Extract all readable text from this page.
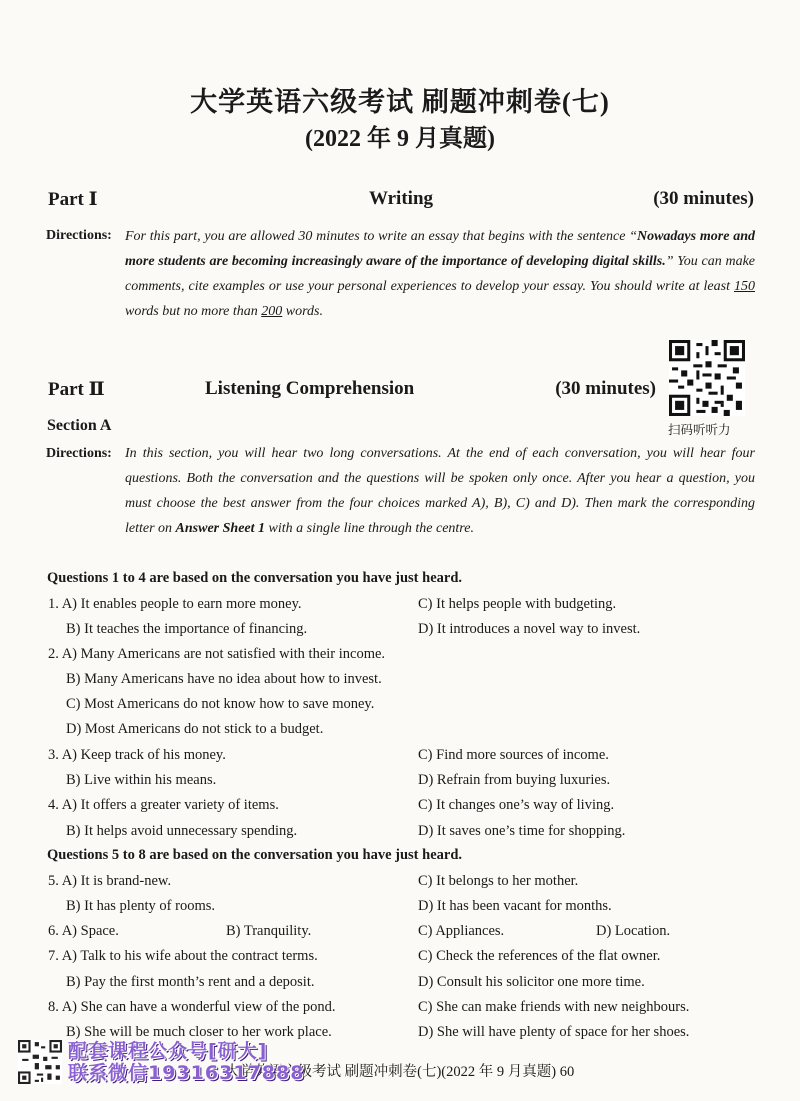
大学英语六级考试 刷题冲刺卷(七)
(2022 年 9 月真题)
Part Ⅰ	Writing	(30 minutes)
Directions: For this part, you are allowed 30 minutes to write an essay that begins with the sentence “Nowadays more and more students are becoming increasingly aware of the importance of developing digital skills.” You can make comments, cite examples or use your personal experiences to develop your essay. You should write at least 150 words but no more than 200 words.
Part Ⅱ	Listening Comprehension	(30 minutes)
扫码听听力
Section A
Directions: In this section, you will hear two long conversations. At the end of each conversation, you will hear four questions. Both the conversation and the questions will be spoken only once. After you hear a question, you must choose the best answer from the four choices marked A), B), C) and D). Then mark the corresponding letter on Answer Sheet 1 with a single line through the centre.
Questions 1 to 4 are based on the conversation you have just heard.
1. A) It enables people to earn more money.	C) It helps people with budgeting.
B) It teaches the importance of financing.	D) It introduces a novel way to invest.
2. A) Many Americans are not satisfied with their income.
B) Many Americans have no idea about how to invest.
C) Most Americans do not know how to save money.
D) Most Americans do not stick to a budget.
3. A) Keep track of his money.	C) Find more sources of income.
B) Live within his means.	D) Refrain from buying luxuries.
4. A) It offers a greater variety of items.	C) It changes one’s way of living.
B) It helps avoid unnecessary spending.	D) It saves one’s time for shopping.
Questions 5 to 8 are based on the conversation you have just heard.
5. A) It is brand-new.	C) It belongs to her mother.
B) It has plenty of rooms.	D) It has been vacant for months.
6. A) Space.	B) Tranquility.	C) Appliances.	D) Location.
7. A) Talk to his wife about the contract terms.	C) Check the references of the flat owner.
B) Pay the first month’s rent and a deposit.	D) Consult his solicitor one more time.
8. A) She can have a wonderful view of the pond.	C) She can make friends with new neighbours.
B) She will be much closer to her work place.	D) She will have plenty of space for her shoes.
大学英语六级考试 刷题冲刺卷(七)(2022 年 9 月真题) 60
配套课程公众号[研大]
联系微信19316317888
